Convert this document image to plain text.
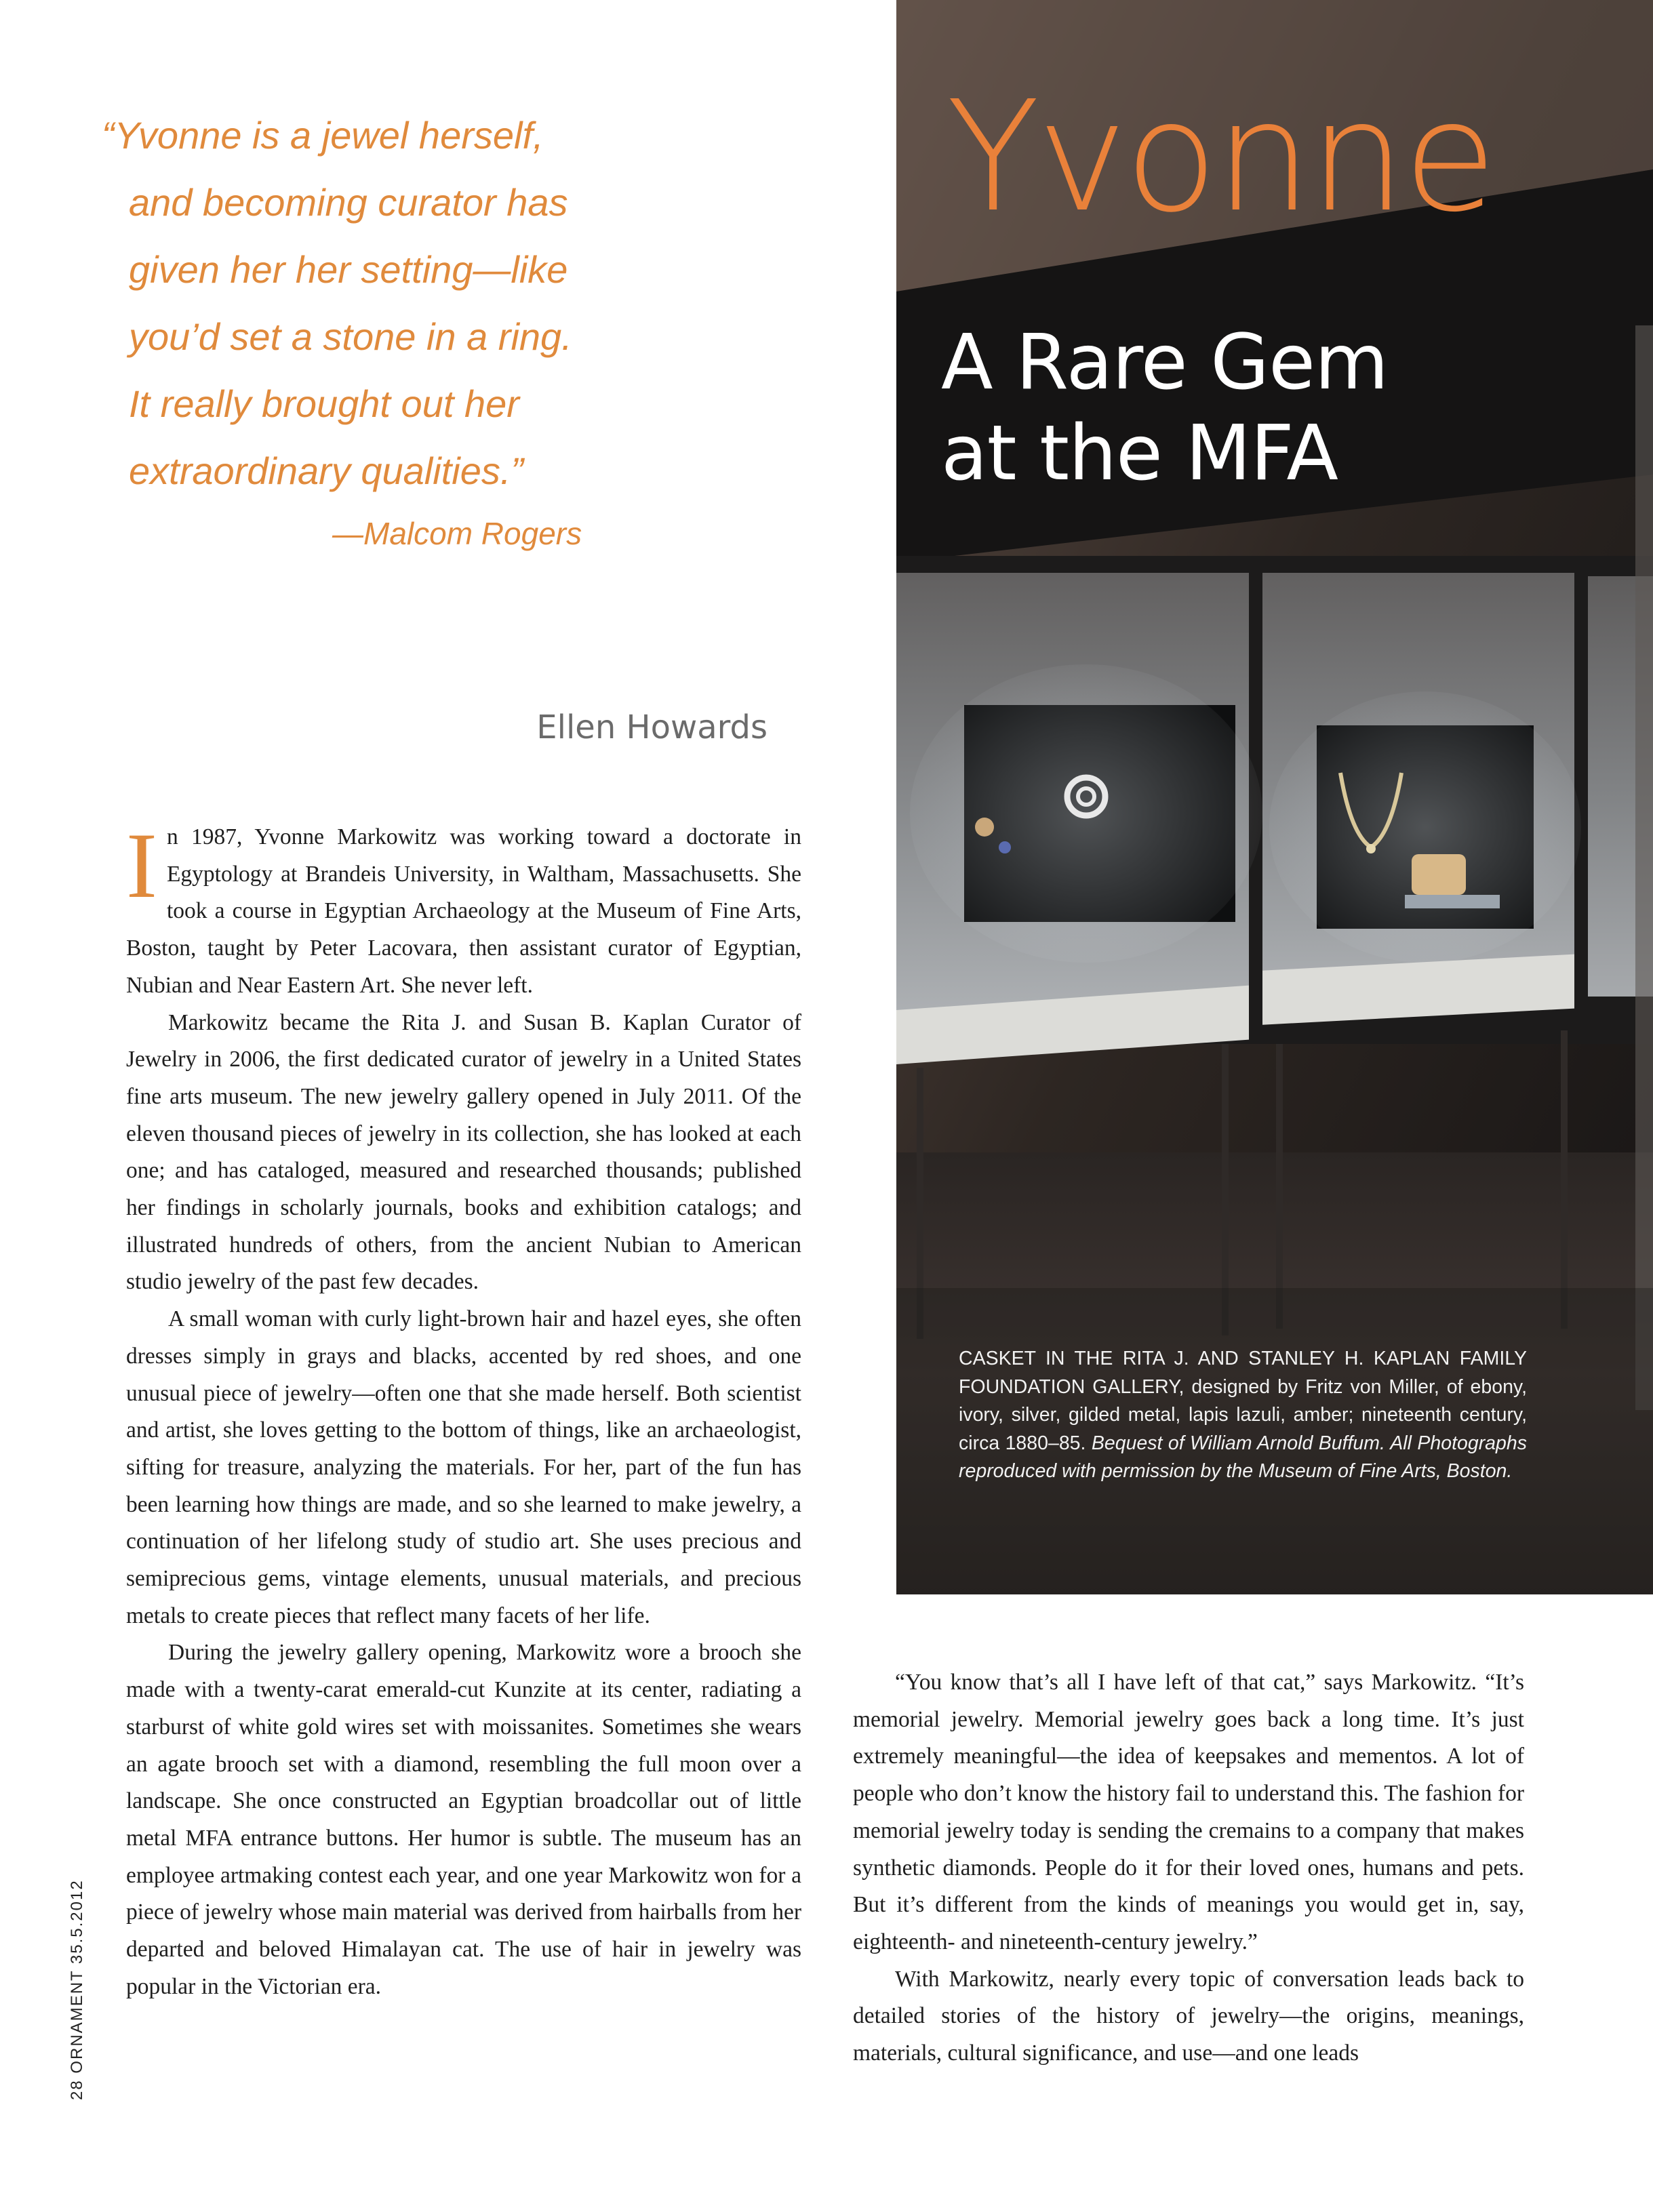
“Yvonne is a jewel herself,
and becoming curator has
given her her setting—like
you’d set a stone in a ring.
It really brought out her
extraordinary qualities.”
—Malcom Rogers
Ellen Howards

In 1987, Yvonne Markowitz was working toward a doctorate in Egyptology at Brandeis University, in Waltham, Massachusetts. She took a course in Egyptian Archaeology at the Museum of Fine Arts, Boston, taught by Peter Lacovara, then assistant curator of Egyptian, Nubian and Near Eastern Art. She never left.

Markowitz became the Rita J. and Susan B. Kaplan Curator of Jewelry in 2006, the first dedicated curator of jewelry in a United States fine arts museum. The new jewelry gallery opened in July 2011. Of the eleven thousand pieces of jewelry in its collection, she has looked at each one; and has cataloged, measured and researched thousands; published her findings in scholarly journals, books and exhibition catalogs; and illustrated hundreds of others, from the ancient Nubian to American studio jewelry of the past few decades.

A small woman with curly light-brown hair and hazel eyes, she often dresses simply in grays and blacks, accented by red shoes, and one unusual piece of jewelry—often one that she made herself. Both scientist and artist, she loves getting to the bottom of things, like an archaeologist, sifting for treasure, analyzing the materials. For her, part of the fun has been learning how things are made, and so she learned to make jewelry, a continuation of her lifelong study of studio art. She uses precious and semiprecious gems, vintage elements, unusual materials, and precious metals to create pieces that reflect many facets of her life.

During the jewelry gallery opening, Markowitz wore a brooch she made with a twenty-carat emerald-cut Kunzite at its center, radiating a starburst of white gold wires set with moissanites. Sometimes she wears an agate brooch set with a diamond, resembling the full moon over a landscape. She once constructed an Egyptian broadcollar out of little metal MFA entrance buttons. Her humor is subtle. The museum has an employee artmaking contest each year, and one year Markowitz won for a piece of jewelry whose main material was derived from hairballs from her departed and beloved Himalayan cat. The use of hair in jewelry was popular in the Victorian era.

28 ORNAMENT 35.5.2012
Yvonne
A Rare Gem
at the MFA
CASKET IN THE RITA J. AND STANLEY H. KAPLAN FAMILY FOUNDATION GALLERY, designed by Fritz von Miller, of ebony, ivory, silver, gilded metal, lapis lazuli, amber; nineteenth century, circa 1880–85. Bequest of William Arnold Buffum. All Photographs reproduced with permission by the Museum of Fine Arts, Boston.

“You know that’s all I have left of that cat,” says Markowitz. “It’s memorial jewelry. Memorial jewelry goes back a long time. It’s just extremely meaningful—the idea of keepsakes and mementos. A lot of people who don’t know the history fail to understand this. The fashion for memorial jewelry today is sending the cremains to a company that makes synthetic diamonds. People do it for their loved ones, humans and pets. But it’s different from the kinds of meanings you would get in, say, eighteenth- and nineteenth-century jewelry.”

With Markowitz, nearly every topic of conversation leads back to detailed stories of the history of jewelry—the origins, meanings, materials, cultural significance, and use—and one leads
